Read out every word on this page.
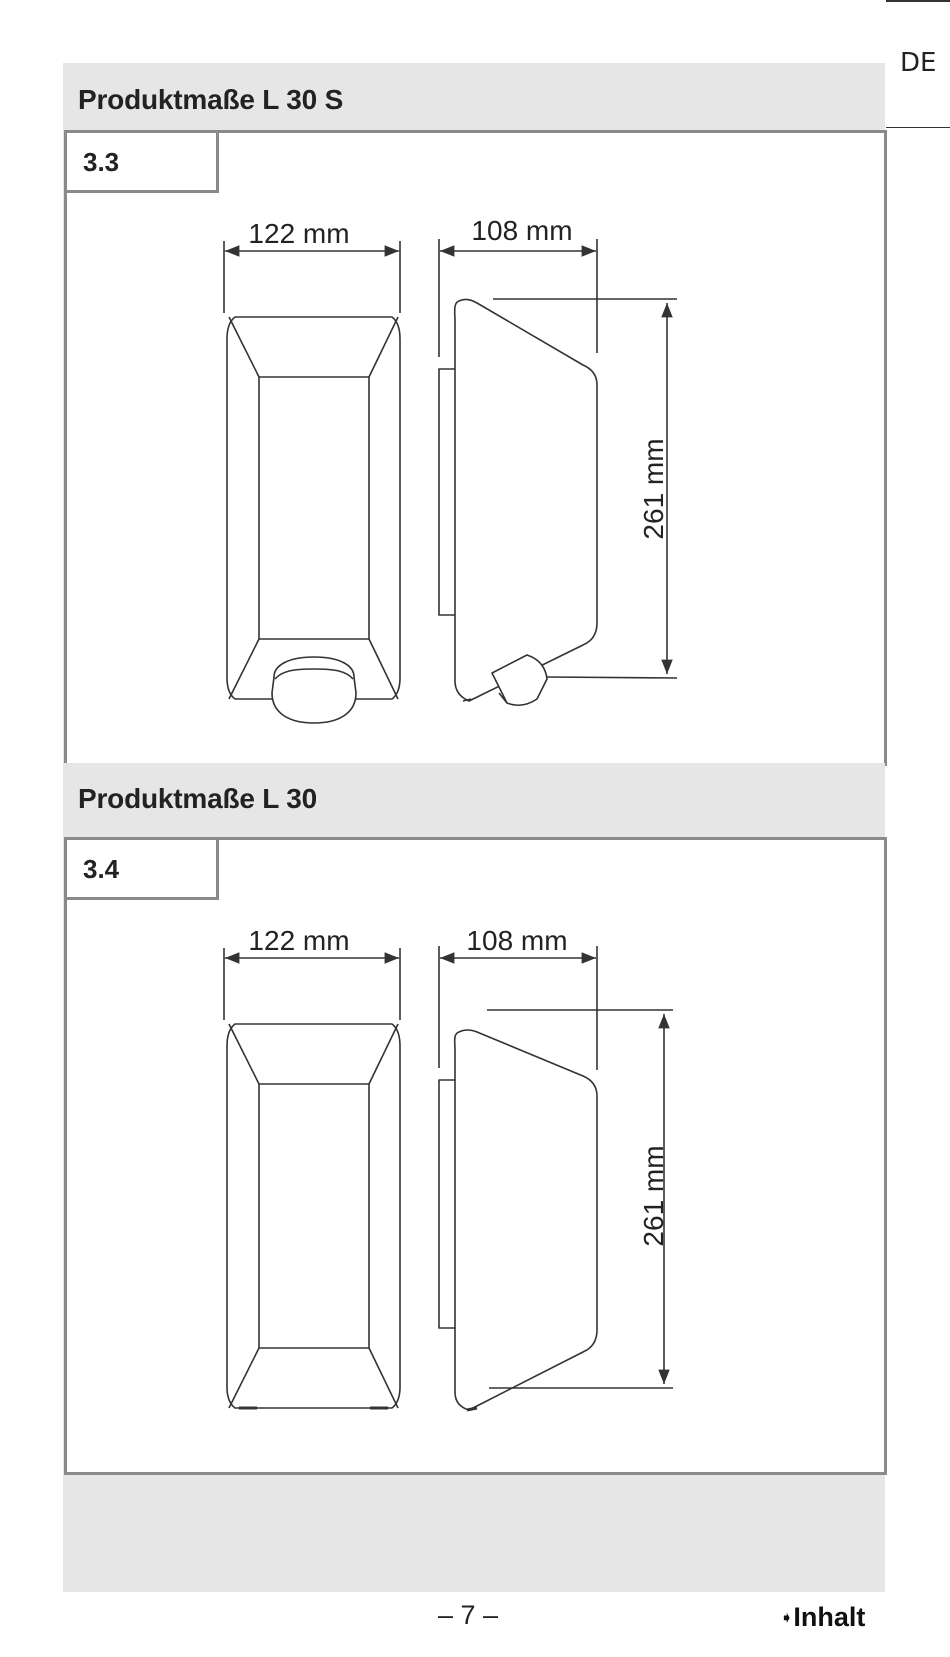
DE
Produktmaße L 30 S
3.3
122 mm	108 mm
261 mm
Produktmaße L 30
3.4
122 mm	108 mm
261 mm
– 7 –	➧Inhalt
